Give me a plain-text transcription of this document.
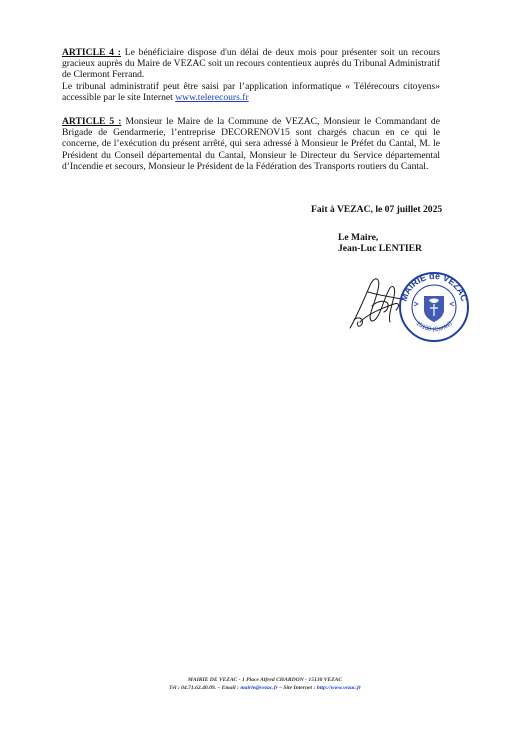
ARTICLE 4 : Le bénéficiaire dispose d'un délai de deux mois pour présenter soit un recours gracieux auprès du Maire de VEZAC soit un recours contentieux auprès du Tribunal Administratif de Clermont Ferrand.
Le tribunal administratif peut être saisi par l’application informatique « Télérecours citoyens» accessible par le site Internet www.telerecours.fr

ARTICLE 5 : Monsieur le Maire de la Commune de VEZAC, Monsieur le Commandant de Brigade de Gendarmerie, l’entreprise DECORENOV15 sont chargés chacun en ce qui le concerne, de l’exécution du présent arrêté, qui sera adressé à Monsieur le Préfet du Cantal, M. le Président du Conseil départemental du Cantal, Monsieur le Directeur du Service départemental d’Incendie et secours, Monsieur le Président de la Fédération des Transports routiers du Cantal.

Fait à VEZAC, le 07 juillet 2025
Le Maire,
Jean-Luc LENTIER
MAIRIE de VEZAC
15130 (Cantal)
MAIRIE DE VEZAC - 1 Place Alfred CHARDON - 15130 VEZAC
Tél : 04.71.62.40.09. – Email : mairie@vezac.fr – Site Internet : http://www.vezac.fr
